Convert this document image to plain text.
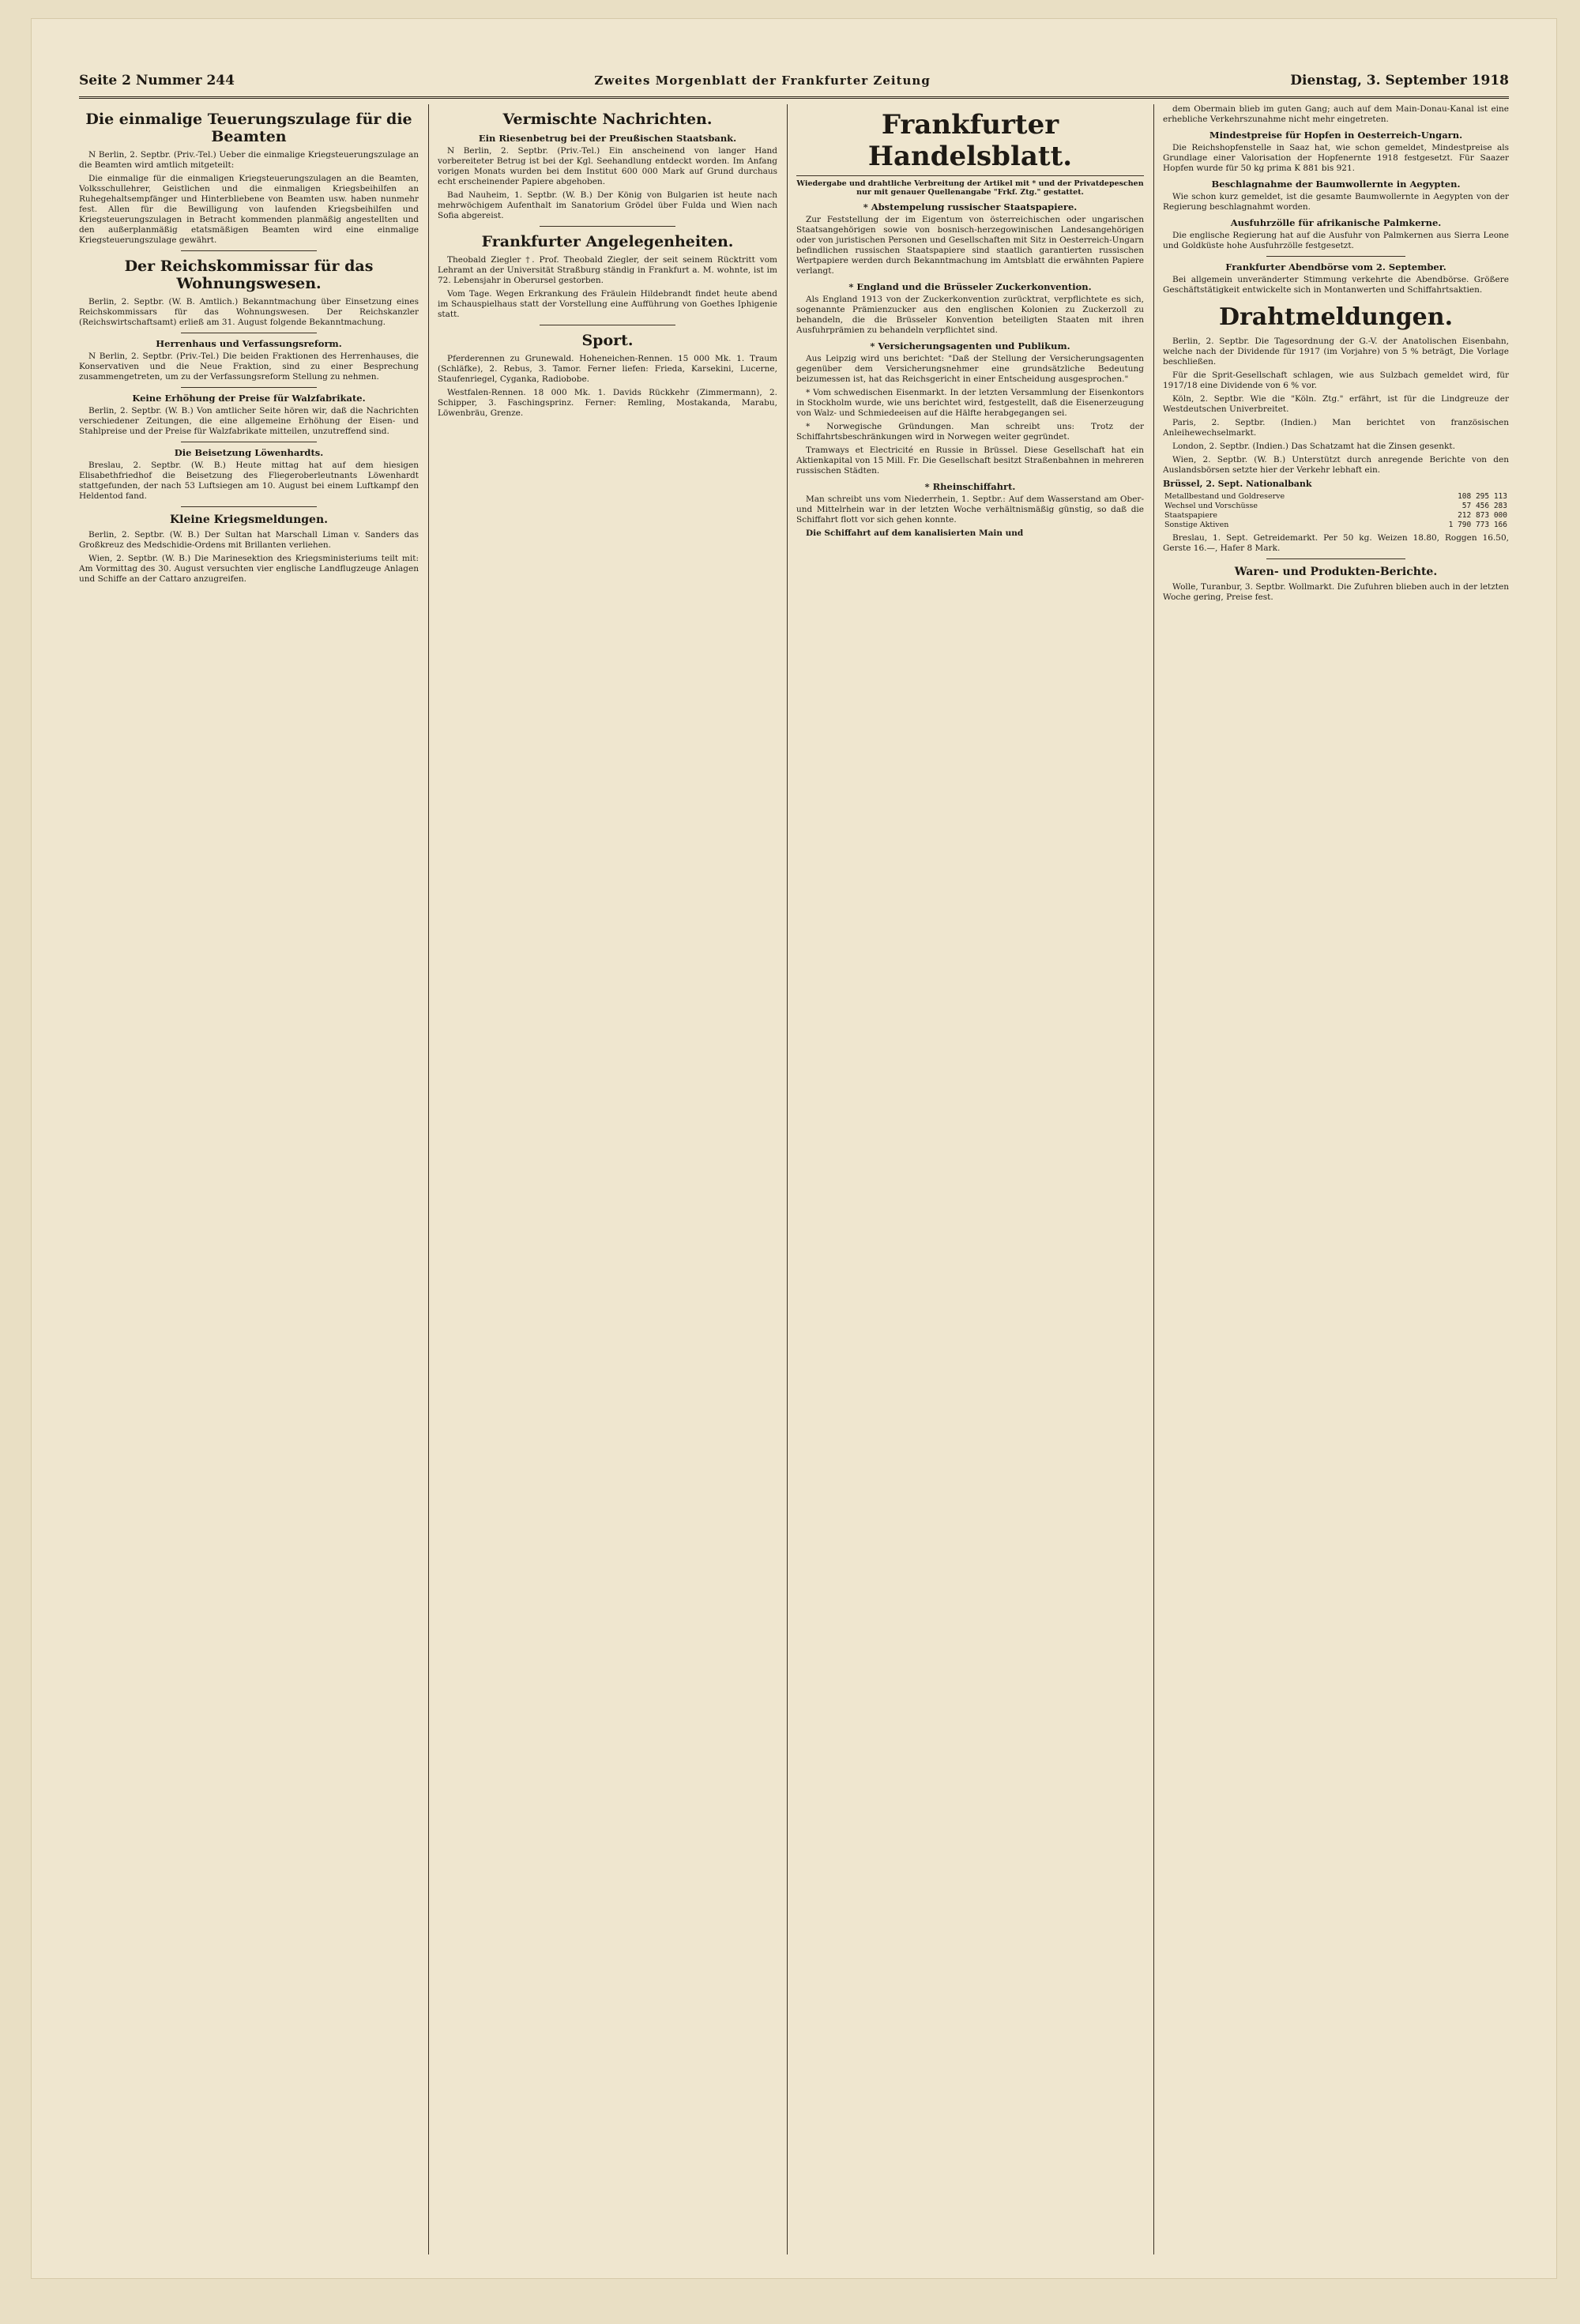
Seite 2 Nummer 244	Zweites Morgenblatt der Frankfurter Zeitung	Dienstag, 3. September 1918
Die einmalige Teuerungszulage für die Beamten

N Berlin, 2. Septbr. (Priv.-Tel.) Ueber die einmalige Kriegsteuerungszulage an die Beamten wird amtlich mitgeteilt:

Die einmalige für die einmaligen Kriegsteuerungszulagen an die Beamten, Volksschullehrer, Geistlichen und die einmaligen Kriegsbeihilfen an Ruhegehaltsempfänger und Hinterbliebene von Beamten usw. haben nunmehr fest. Allen für die Bewilligung von laufenden Kriegsbeihilfen und Kriegsteuerungszulagen in Betracht kommenden planmäßig angestellten und den außerplanmäßig etatsmäßigen Beamten wird eine einmalige Kriegsteuerungszulage gewährt.

Der Reichskommissar für das Wohnungswesen.

Berlin, 2. Septbr. (W. B. Amtlich.) Bekanntmachung über Einsetzung eines Reichskommissars für das Wohnungswesen. Der Reichskanzler (Reichswirtschaftsamt) erließ am 31. August folgende Bekanntmachung.

Herrenhaus und Verfassungsreform.

N Berlin, 2. Septbr. (Priv.-Tel.) Die beiden Fraktionen des Herrenhauses, die Konservativen und die Neue Fraktion, sind zu einer Besprechung zusammengetreten, um zu der Verfassungsreform Stellung zu nehmen.

Keine Erhöhung der Preise für Walzfabrikate.

Berlin, 2. Septbr. (W. B.) Von amtlicher Seite hören wir, daß die Nachrichten verschiedener Zeitungen, die eine allgemeine Erhöhung der Eisen- und Stahlpreise und der Preise für Walzfabrikate mitteilen, unzutreffend sind.

Die Beisetzung Löwenhardts.

Breslau, 2. Septbr. (W. B.) Heute mittag hat auf dem hiesigen Elisabethfriedhof die Beisetzung des Fliegeroberleutnants Löwenhardt stattgefunden, der nach 53 Luftsiegen am 10. August bei einem Luftkampf den Heldentod fand.

Kleine Kriegsmeldungen.

Berlin, 2. Septbr. (W. B.) Der Sultan hat Marschall Liman v. Sanders das Großkreuz des Medschidie-Ordens mit Brillanten verliehen.

Wien, 2. Septbr. (W. B.) Die Marinesektion des Kriegsministeriums teilt mit: Am Vormittag des 30. August versuchten vier englische Landflugzeuge Anlagen und Schiffe an der Cattaro anzugreifen.

Vermischte Nachrichten.
Ein Riesenbetrug bei der Preußischen Staatsbank.

N Berlin, 2. Septbr. (Priv.-Tel.) Ein anscheinend von langer Hand vorbereiteter Betrug ist bei der Kgl. Seehandlung entdeckt worden. Im Anfang vorigen Monats wurden bei dem Institut 600 000 Mark auf Grund durchaus echt erscheinender Papiere abgehoben.

Bad Nauheim, 1. Septbr. (W. B.) Der König von Bulgarien ist heute nach mehrwöchigem Aufenthalt im Sanatorium Grödel über Fulda und Wien nach Sofia abgereist.

Frankfurter Angelegenheiten.

Theobald Ziegler †. Prof. Theobald Ziegler, der seit seinem Rücktritt vom Lehramt an der Universität Straßburg ständig in Frankfurt a. M. wohnte, ist im 72. Lebensjahr in Oberursel gestorben.

Vom Tage. Wegen Erkrankung des Fräulein Hildebrandt findet heute abend im Schauspielhaus statt der Vorstellung eine Aufführung von Goethes Iphigenie statt.

Sport.

Pferderennen zu Grunewald. Hoheneichen-Rennen. 15 000 Mk. 1. Traum (Schläfke), 2. Rebus, 3. Tamor. Ferner liefen: Frieda, Karsekini, Lucerne, Staufenriegel, Cyganka, Radiobobe.

Westfalen-Rennen. 18 000 Mk. 1. Davids Rückkehr (Zimmermann), 2. Schipper, 3. Faschingsprinz. Ferner: Remling, Mostakanda, Marabu, Löwenbräu, Grenze.

Frankfurter Handelsblatt.
Wiedergabe und drahtliche Verbreitung der Artikel mit * und der Privatdepeschen nur mit genauer Quellenangabe "Frkf. Ztg." gestattet.
* Abstempelung russischer Staatspapiere.

Zur Feststellung der im Eigentum von österreichischen oder ungarischen Staatsangehörigen sowie von bosnisch-herzegowinischen Landesangehörigen oder von juristischen Personen und Gesellschaften mit Sitz in Oesterreich-Ungarn befindlichen russischen Staatspapiere sind staatlich garantierten russischen Wertpapiere werden durch Bekanntmachung im Amtsblatt die erwähnten Papiere verlangt.

* England und die Brüsseler Zuckerkonvention.

Als England 1913 von der Zuckerkonvention zurücktrat, verpflichtete es sich, sogenannte Prämienzucker aus den englischen Kolonien zu Zuckerzoll zu behandeln, die die Brüsseler Konvention beteiligten Staaten mit ihren Ausfuhrprämien zu behandeln verpflichtet sind.

* Versicherungsagenten und Publikum.

Aus Leipzig wird uns berichtet: "Daß der Stellung der Versicherungsagenten gegenüber dem Versicherungsnehmer eine grundsätzliche Bedeutung beizumessen ist, hat das Reichsgericht in einer Entscheidung ausgesprochen."

* Vom schwedischen Eisenmarkt. In der letzten Versammlung der Eisenkontors in Stockholm wurde, wie uns berichtet wird, festgestellt, daß die Eisenerzeugung von Walz- und Schmiedeeisen auf die Hälfte herabgegangen sei.

* Norwegische Gründungen. Man schreibt uns: Trotz der Schiffahrtsbeschränkungen wird in Norwegen weiter gegründet.

Tramways et Electricité en Russie in Brüssel. Diese Gesellschaft hat ein Aktienkapital von 15 Mill. Fr. Die Gesellschaft besitzt Straßenbahnen in mehreren russischen Städten.

* Rheinschiffahrt.

Man schreibt uns vom Niederrhein, 1. Septbr.: Auf dem Wasserstand am Ober- und Mittelrhein war in der letzten Woche verhältnismäßig günstig, so daß die Schiffahrt flott vor sich gehen konnte.

Die Schiffahrt auf dem kanalisierten Main und

dem Obermain blieb im guten Gang; auch auf dem Main-Donau-Kanal ist eine erhebliche Verkehrszunahme nicht mehr eingetreten.

Mindestpreise für Hopfen in Oesterreich-Ungarn.

Die Reichshopfenstelle in Saaz hat, wie schon gemeldet, Mindestpreise als Grundlage einer Valorisation der Hopfenernte 1918 festgesetzt. Für Saazer Hopfen wurde für 50 kg prima K 881 bis 921.

Beschlagnahme der Baumwollernte in Aegypten.

Wie schon kurz gemeldet, ist die gesamte Baumwollernte in Aegypten von der Regierung beschlagnahmt worden.

Ausfuhrzölle für afrikanische Palmkerne.

Die englische Regierung hat auf die Ausfuhr von Palmkernen aus Sierra Leone und Goldküste hohe Ausfuhrzölle festgesetzt.

Frankfurter Abendbörse vom 2. September.

Bei allgemein unveränderter Stimmung verkehrte die Abendbörse. Größere Geschäftstätigkeit entwickelte sich in Montanwerten und Schiffahrtsaktien.

Drahtmeldungen.

Berlin, 2. Septbr. Die Tagesordnung der G.-V. der Anatolischen Eisenbahn, welche nach der Dividende für 1917 (im Vorjahre) von 5 % beträgt, Die Vorlage beschließen.

Für die Sprit-Gesellschaft schlagen, wie aus Sulzbach gemeldet wird, für 1917/18 eine Dividende von 6 % vor.

Köln, 2. Septbr. Wie die "Köln. Ztg." erfährt, ist für die Lindgreuze der Westdeutschen Univerbreitet.

Paris, 2. Septbr. (Indien.) Man berichtet von französischen Anleihewechselmarkt.

London, 2. Septbr. (Indien.) Das Schatzamt hat die Zinsen gesenkt.

Wien, 2. Septbr. (W. B.) Unterstützt durch anregende Berichte von den Auslandsbörsen setzte hier der Verkehr lebhaft ein.

Brüssel, 2. Sept. Nationalbank
Metallbestand und Goldreserve	108 295 113
Wechsel und Vorschüsse	57 456 283
Staatspapiere	212 873 000
Sonstige Aktiven	1 790 773 166

Breslau, 1. Sept. Getreidemarkt. Per 50 kg. Weizen 18.80, Roggen 16.50, Gerste 16.—, Hafer 8 Mark.

Waren- und Produkten-Berichte.

Wolle, Turanbur, 3. Septbr. Wollmarkt. Die Zufuhren blieben auch in der letzten Woche gering, Preise fest.
